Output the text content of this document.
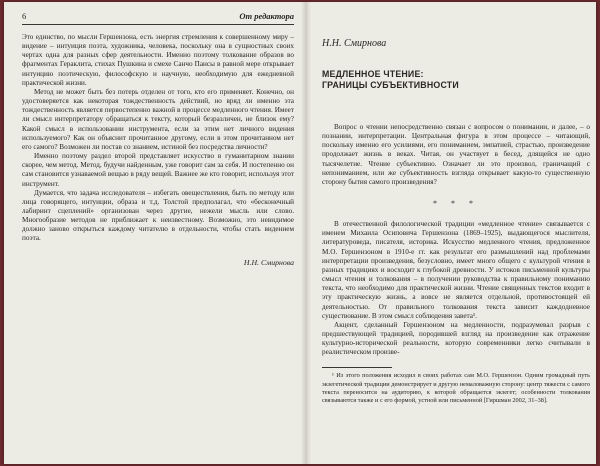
6	От редактора

Это единство, по мысли Гершензона, есть энергия стремления к совершенному миру – видение – интуиция поэта, художника, человека, поскольку она в сущностных своих чертах одна для разных сфер деятельности. Именно поэтому толкование образов во фрагментах Гераклита, стихах Пушкина и смехе Санчо Пансы в равной мере открывает интуицию поэтическую, философскую и научную, необходимую для ежедневной практической жизни.

Метод не может быть без потерь отделен от того, кто его применяет. Конечно, он удостоверяется как некоторая тождественность действий, но вряд ли именно эта тождественность является первостепенно важной в процессе медленного чтения. Имеет ли смысл интерпретатору обращаться к тексту, который безразличен, не близок ему? Какой смысл в использовании инструмента, если за этим нет личного видения используемого? Как он объяснит прочитанное другому, если в этом прочитанном нет его самого? Возможен ли постав со знанием, истиной без посредства личности?

Именно поэтому раздел второй представляет искусство в гуманитарном знании скорее, чем метод. Метод, будучи найденным, уже говорит сам за себя. И постепенно он сам становится узнаваемой вещью в ряду вещей. Важнее же кто говорит, используя этот инструмент.

Думается, что задача исследователя – избегать овеществления, быть по методу или лица говорящего, интуиции, образа и т.д. Толстой предполагал, что «бесконечный лабиринт сцеплений» организован через другие, нежели мысль или слово. Многообразие методов не приближает к неизвестному. Возможно, это невидимое должно заново открыться каждому читателю в отдельности, чтобы стать видением поэта.

Н.Н. Смирнова
Н.Н. Смирнова
МЕДЛЕННОЕ ЧТЕНИЕ:
ГРАНИЦЫ СУБЪЕКТИВНОСТИ

Вопрос о чтении непосредственно связан с вопросом о понимании, и далее, – о познании, интерпретации. Центральная фигура в этом процессе – читающий, поскольку именно его усилиями, его пониманием, эмпатией, страстью, произведение продолжает жизнь в веках. Читая, он участвует в бесед, длящейся не одно тысячелетие. Чтение субъективно. Означает ли это произвол, граничащий с непониманием, или же субъективность взгляда открывает какую-то существенную сторону бытия самого произведения?

* * *

В отечественной филологической традиции «медленное чтение» связывается с именем Михаила Осиповича Гершензона (1869–1925), выдающегося мыслителя, литературоведа, писателя, историка. Искусство медленного чтения, предложенное М.О. Гершензоном в 1910-е гг. как результат его размышлений над проблемами интерпретации произведения, безусловно, имеет много общего с культурой чтения в разных традициях и восходит к глубокой древности. У истоков письменной культуры смысл чтения и толкования – в получении руководства к правильному пониманию текста, что необходимо для практической жизни. Чтение священных текстов входит в эту практическую жизнь, а вовсе не является отдельной, противостоящей ей деятельностью. От правильного толкования текста зависит каждодневное существование. В этом смысл соблюдения завета¹.

Акцент, сделанный Гершензоном на медленности, подразумевал разрыв с предшествующей традицией, породившей взгляд на произведение как отражение культурно-исторической реальности, которую современники легко считывали в реалистическом произве-

¹ Из этого положения исходил в своих работах сам М.О. Гершензон. Одним громадный путь экзегетической традиции демонстрирует и другую немаловажную сторону: центр тяжести с самого текста переносится на аудиторию, к которой обращается экзегет; особенности толкования связываются также и с его формой, устной или письменной [Гиршман 2002, 31–38].
